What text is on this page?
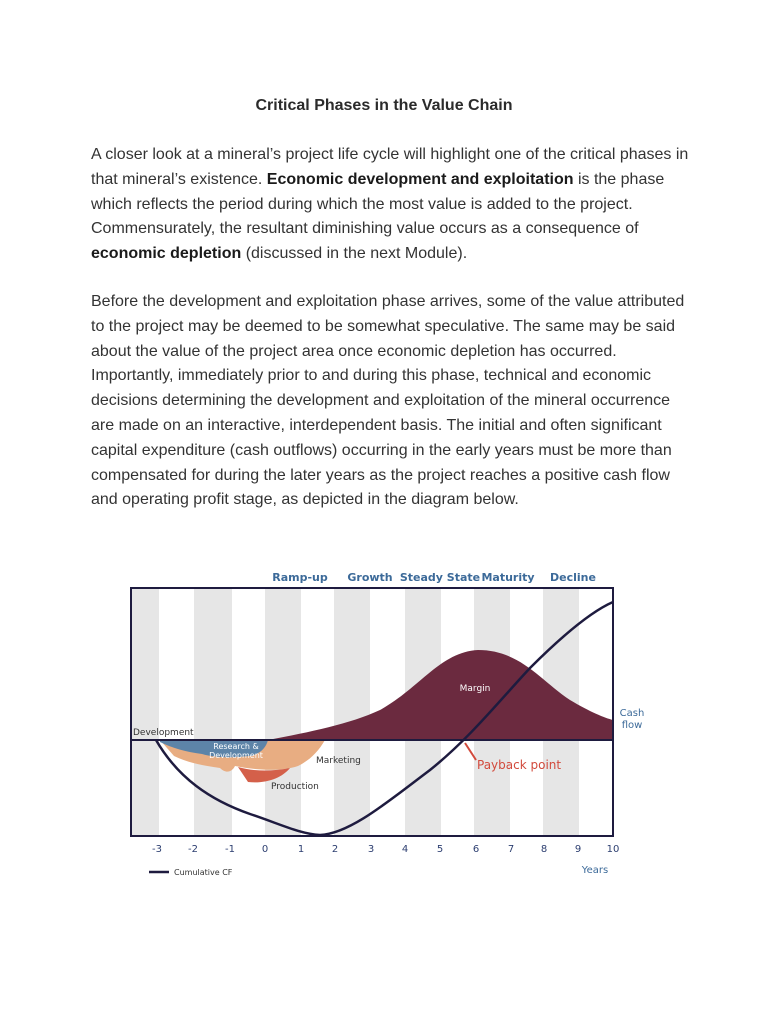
Critical Phases in the Value Chain
A closer look at a mineral’s project life cycle will highlight one of the critical phases in that mineral’s existence. Economic development and exploitation is the phase which reflects the period during which the most value is added to the project. Commensurately, the resultant diminishing value occurs as a consequence of economic depletion (discussed in the next Module).
Before the development and exploitation phase arrives, some of the value attributed to the project may be deemed to be somewhat speculative. The same may be said about the value of the project area once economic depletion has occurred. Importantly, immediately prior to and during this phase, technical and economic decisions determining the development and exploitation of the mineral occurrence are made on an interactive, interdependent basis. The initial and often significant capital expenditure (cash outflows) occurring in the early years must be more than compensated for during the later years as the project reaches a positive cash flow and operating profit stage, as depicted in the diagram below.
Ramp-up Growth Steady State Maturity Decline
Margin
Development
Research &
Development
Marketing
Production
Payback point
Cash
flow
-3	-2	-1	0	1	2	3	4	5	6	7	8	9	10
Years
Cumulative CF
